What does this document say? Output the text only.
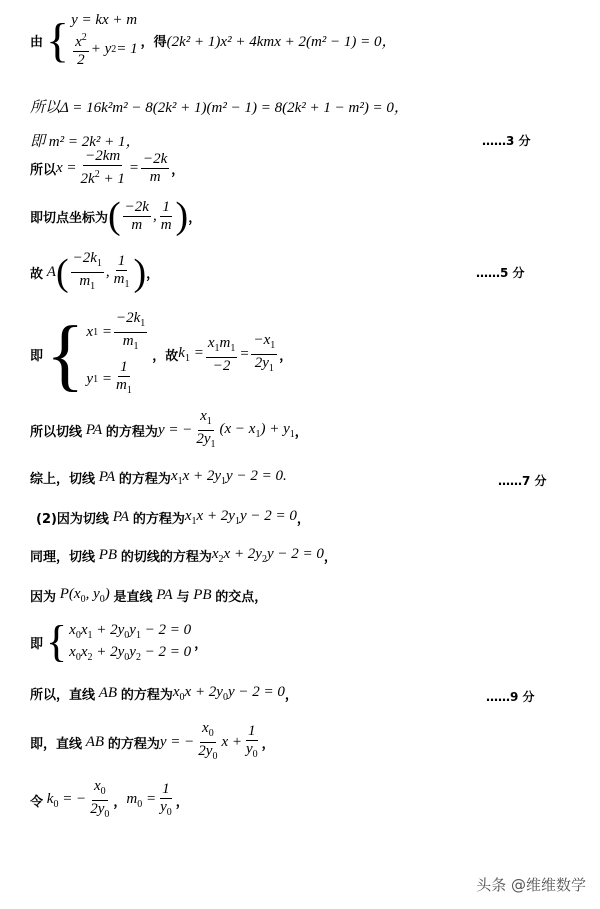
由 { y = kx + m
$\frac{x^2}{2} + y$ 2 = 1 ，得 (2k² + 1)x² + 4kmx + 2(m² − 1) = 0，
所以Δ = 16k²m² − 8(2k² + 1)(m² − 1) = 8(2k² + 1 − m²) = 0，
即 m² = 2k² + 1，	……3 分
所以 $x = \frac{-2km}{2k^2 + 1} = \frac{-2k}{m}$ ，
即切点坐标为 ( $\frac{-2k}{m}$ , $\frac{1}{m}$ ) ，
故 A ( $\frac{-2k_1}{m_1}$ , $\frac{1}{m_1}$ ) ，	……5 分
即 { x $1 = \frac{-2k_1}{m_1}$
y $1 = \frac{1}{m_1}$
，故 $k_1 = \frac{x_1m_1}{-2} = \frac{-x_1}{2y_1}$ ，
所以切线 PA 的方程为 y = − $\frac{x_1}{2y_1} (x - x_1) + y_1$ ，
综上，切线 PA 的方程为 $x_1x + 2y_1y - 2 = 0$.	……7 分
(2)因为切线 PA 的方程为 $x_1x + 2y_1y - 2 = 0$ ，
同理，切线 PB 的切线的方程为 $x_2x + 2y_2y - 2 = 0$ ，
因为 $P(x_0$, $y_0$) 是直线 PA 与 PB 的交点，
即 { $x_0x_1 + 2y_0y_1 - 2 = 0$
$x_0x_2 + 2y_0y_2 - 2 = 0$ ，
所以，直线 AB 的方程为 $x_0x + 2y_0y - 2 = 0$ ，	……9 分
即，直线 AB 的方程为 y = − $\frac{x_0}{2y_0}$ $x + \frac{1}{y_0}$ ，
令 $k_0$ = − $\frac{x_0}{2y_0}$ ， $m_0 = \frac{1}{y_0}$ ，
头条 @维维数学
